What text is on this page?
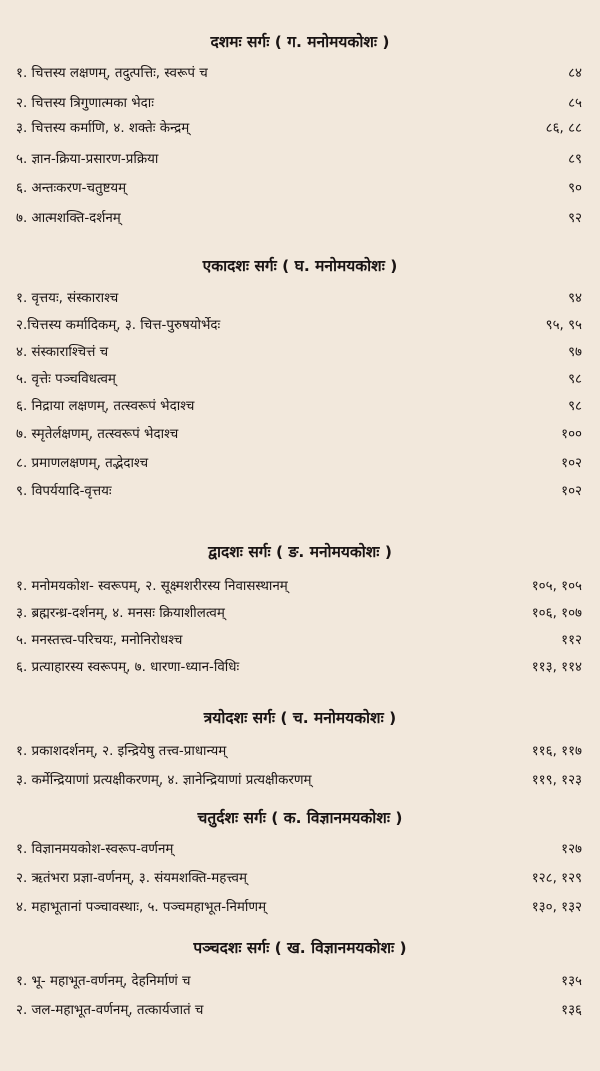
दशमः सर्गः ( ग. मनोमयकोशः )
१. चित्तस्य लक्षणम्, तदुत्पत्तिः, स्वरूपं च	८४
२. चित्तस्य त्रिगुणात्मका भेदाः	८५
३. चित्तस्य कर्माणि, ४. शक्तेः केन्द्रम्	८६, ८८
५. ज्ञान-क्रिया-प्रसारण-प्रक्रिया	८९
६. अन्तःकरण-चतुष्टयम्	९०
७. आत्मशक्ति-दर्शनम्	९२
एकादशः सर्गः ( घ. मनोमयकोशः )
१. वृत्तयः, संस्काराश्च	९४
२.चित्तस्य कर्मादिकम्, ३. चित्त-पुरुषयोर्भेदः	९५, ९५
४. संस्काराश्चित्तं च	९७
५. वृत्तेः पञ्चविधत्वम्	९८
६. निद्राया लक्षणम्, तत्स्वरूपं भेदाश्च	९८
७. स्मृतेर्लक्षणम्, तत्स्वरूपं भेदाश्च	१००
८. प्रमाणलक्षणम्, तद्भेदाश्च	१०२
९. विपर्ययादि-वृत्तयः	१०२
द्वादशः सर्गः ( ङ. मनोमयकोशः )
१. मनोमयकोश- स्वरूपम्, २. सूक्ष्मशरीरस्य निवासस्थानम्	१०५, १०५
३. ब्रह्मरन्ध्र-दर्शनम्, ४. मनसः क्रियाशीलत्वम्	१०६, १०७
५. मनस्तत्त्व-परिचयः, मनोनिरोधश्च	११२
६. प्रत्याहारस्य स्वरूपम्, ७. धारणा-ध्यान-विधिः	११३, ११४
त्रयोदशः सर्गः ( च. मनोमयकोशः )
१. प्रकाशदर्शनम्, २. इन्द्रियेषु तत्त्व-प्राधान्यम्	११६, ११७
३. कर्मेन्द्रियाणां प्रत्यक्षीकरणम्, ४. ज्ञानेन्द्रियाणां प्रत्यक्षीकरणम्	११९, १२३
चतुर्दशः सर्गः ( क. विज्ञानमयकोशः )
१. विज्ञानमयकोश-स्वरूप-वर्णनम्	१२७
२. ऋतंभरा प्रज्ञा-वर्णनम्, ३. संयमशक्ति-महत्त्वम्	१२८, १२९
४. महाभूतानां पञ्चावस्थाः, ५. पञ्चमहाभूत-निर्माणम्	१३०, १३२
पञ्चदशः सर्गः ( ख. विज्ञानमयकोशः )
१. भू- महाभूत-वर्णनम्, देहनिर्माणं च	१३५
२. जल-महाभूत-वर्णनम्, तत्कार्यजातं च	१३६
